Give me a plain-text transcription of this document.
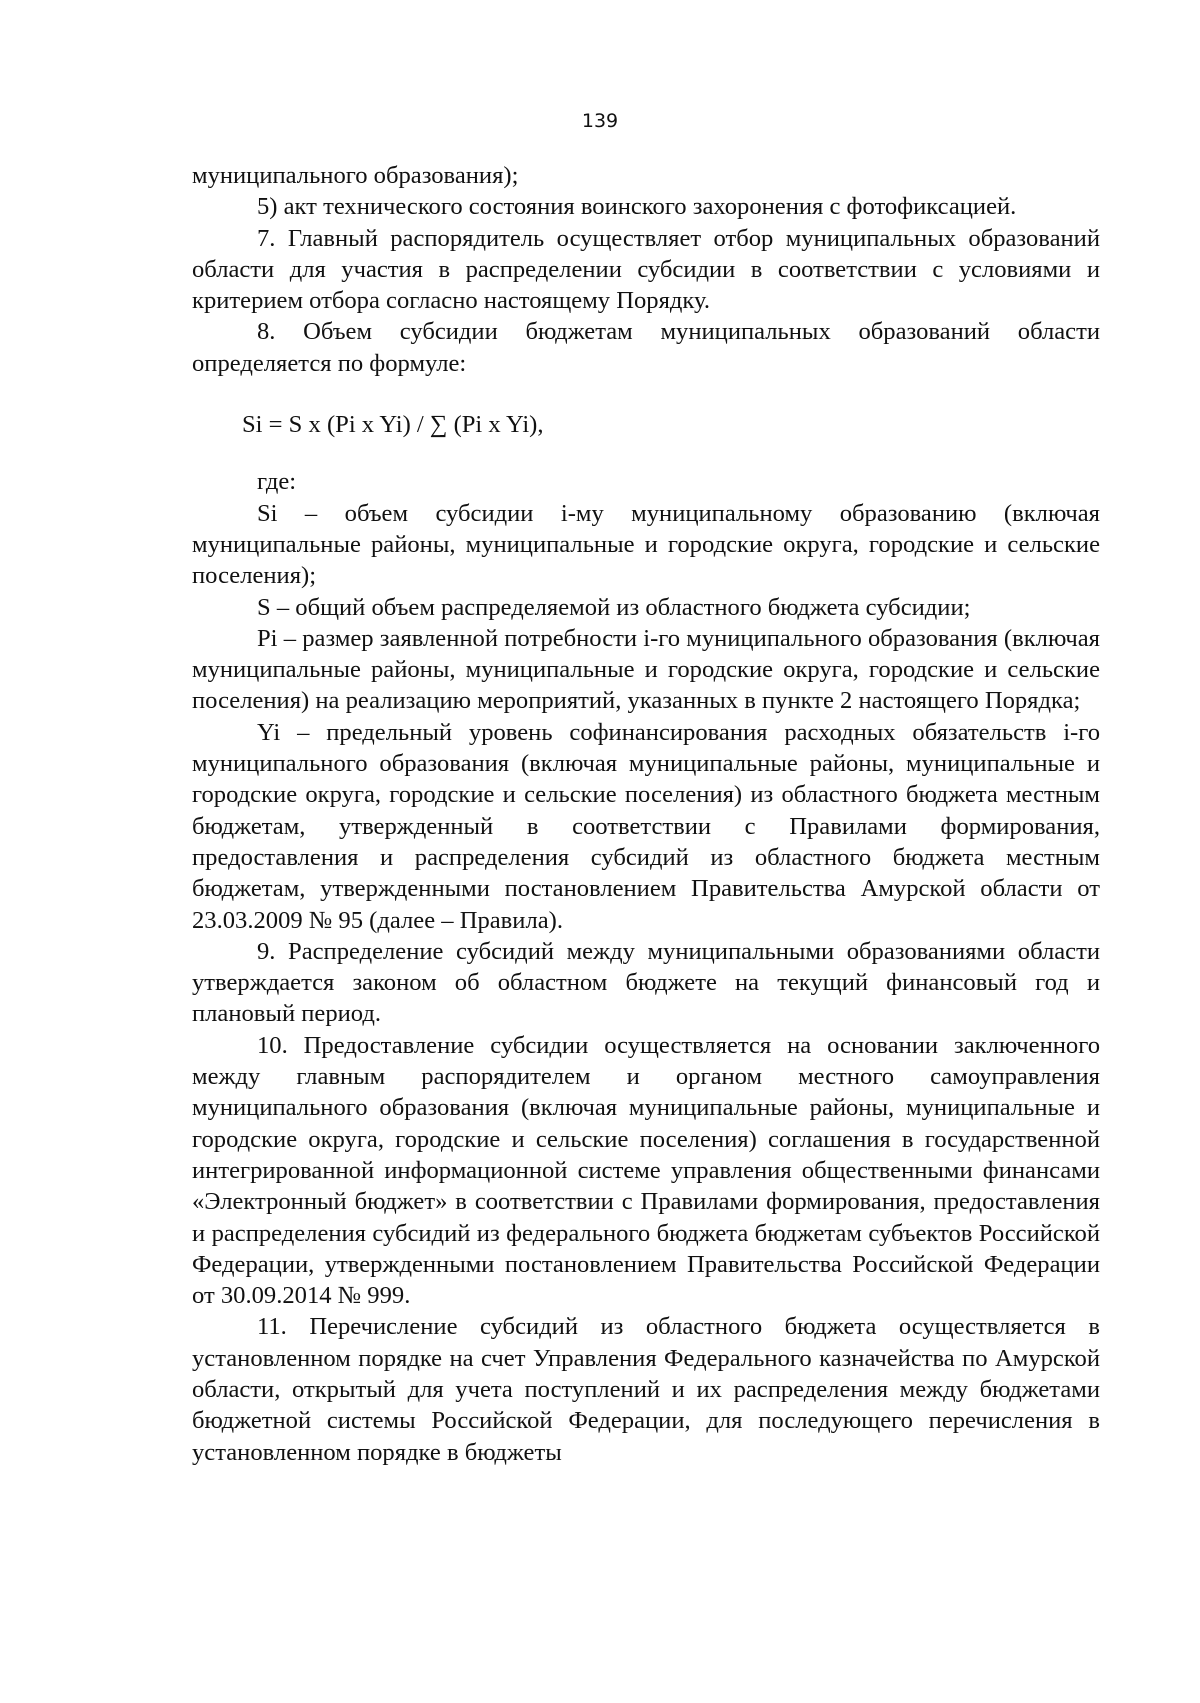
139

муниципального образования);

5) акт технического состояния воинского захоронения с фотофиксацией.

7. Главный распорядитель осуществляет отбор муниципальных образований области для участия в распределении субсидии в соответствии с условиями и критерием отбора согласно настоящему Порядку.

8. Объем субсидии бюджетам муниципальных образований области определяется по формуле:

Si = S x (Pi x Yi) / ∑ (Pi x Yi),

где:

Si – объем субсидии i-му муниципальному образованию (включая муниципальные районы, муниципальные и городские округа, городские и сельские поселения);

S – общий объем распределяемой из областного бюджета субсидии;

Pi – размер заявленной потребности i-го муниципального образования (включая муниципальные районы, муниципальные и городские округа, городские и сельские поселения) на реализацию мероприятий, указанных в пункте 2 настоящего Порядка;

Yi – предельный уровень софинансирования расходных обязательств i-го муниципального образования (включая муниципальные районы, муниципальные и городские округа, городские и сельские поселения) из областного бюджета местным бюджетам, утвержденный в соответствии с Правилами формирования, предоставления и распределения субсидий из областного бюджета местным бюджетам, утвержденными постановлением Правительства Амурской области от 23.03.2009 № 95 (далее – Правила).

9. Распределение субсидий между муниципальными образованиями области утверждается законом об областном бюджете на текущий финансовый год и плановый период.

10. Предоставление субсидии осуществляется на основании заключенного между главным распорядителем и органом местного самоуправления муниципального образования (включая муниципальные районы, муниципальные и городские округа, городские и сельские поселения) соглашения в государственной интегрированной информационной системе управления общественными финансами «Электронный бюджет» в соответствии с Правилами формирования, предоставления и распределения субсидий из федерального бюджета бюджетам субъектов Российской Федерации, утвержденными постановлением Правительства Российской Федерации от 30.09.2014 № 999.

11. Перечисление субсидий из областного бюджета осуществляется в установленном порядке на счет Управления Федерального казначейства по Амурской области, открытый для учета поступлений и их распределения между бюджетами бюджетной системы Российской Федерации, для последующего перечисления в установленном порядке в бюджеты
